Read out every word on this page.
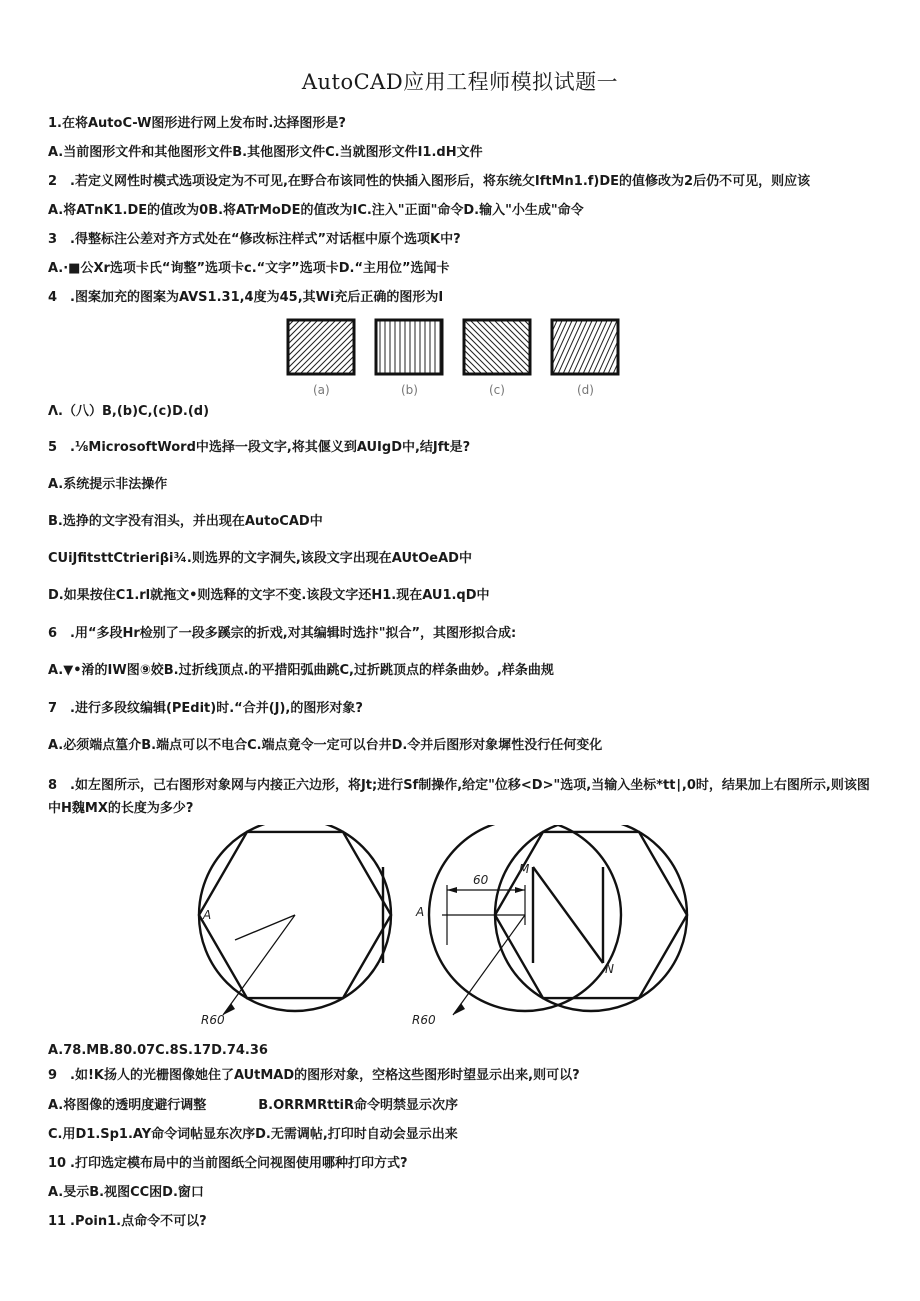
AutoCAD应用工程师模拟试题一
1.在将AutoC-W图形进行网上发布时.达择图形是?
A.当前图形文件和其他图形文件B.其他图形文件C.当就图形文件I1.dH文件
2 .若定义网性时模式选项设定为不可见,在野合布该同性的快插入图形后，将东统攵IftMn1.f)DE的值修改为2后仍不可见，则应该
A.将ATnK1.DE的值改为0B.将ATrMoDE的值改为IC.注入"正面"命令D.输入"小生成"命令
3 .得整标注公差对齐方式处在“修改标注样式”对话框中原个选项K中?
A.·■公Xr选项卡氏“询整”选项卡c.“文字”选项卡D.“主用位”选闻卡
4 .图案加充的图案为AVS1.31,4度为45,其Wi充后正确的图形为I
Λ.（八）B,(b)C,(c)D.(d)
5 .⅛MicrosoftWord中选择一段文字,将其偃义到AUIgD中,结Jft是?
A.系统提示非法操作
B.选挣的文字没有泪头，并出现在AutoCAD中
CUiJfitsttCtrieriβi¾.则选界的文字洞失,该段文字出现在AUtOeAD中
D.如果按住C1.rl就拖文•则选释的文字不变.该段文字还H1.现在AU1.qD中
6 .用“多段Hr检别了一段多蹊宗的折戏,对其编辑时选抃"拟合”，其图形拟合成:
A.▼•淆的IW图⑨姣B.过折线顶点.的平措阳弧曲跳C,过折跳顶点的样条曲妙。,样条曲规
7 .进行多段纹编辑(PEdit)时.“合并(J),的图形对象?
A.必须端点篁介B.端点可以不电合C.端点竟令一定可以台井D.令并后图形对象墀性没行任何变化
8 .如左图所示，己右图形对象网与内接正六边形，将Jt;进行Sf制操作,给定"位移<D>"选项,当输入坐标*tt∣,0时，结果加上右图所示,则该图中H魏MX的长度为多少?
A.78.MB.80.07C.8S.17D.74.36
9 .如!K扬人的光栅图像她住了AUtMAD的图形对象，空格这些图形时望显示出来,则可以?
A.将图像的透明度避行调整　　　　B.ORRMRttiR命令明禁显示次序
C.用D1.Sp1.AY命令词帖显东次序D.无需调帖,打印时自动会显示出来
10 .打印选定模布局中的当前图纸仝问视图使用哪种打印方式?
A.旻示B.视图CC困D.窗口
11 .Poin1.点命令不可以?
(a)	(b)	(c)	(d)
A	A
R60	R60
60
M
N
